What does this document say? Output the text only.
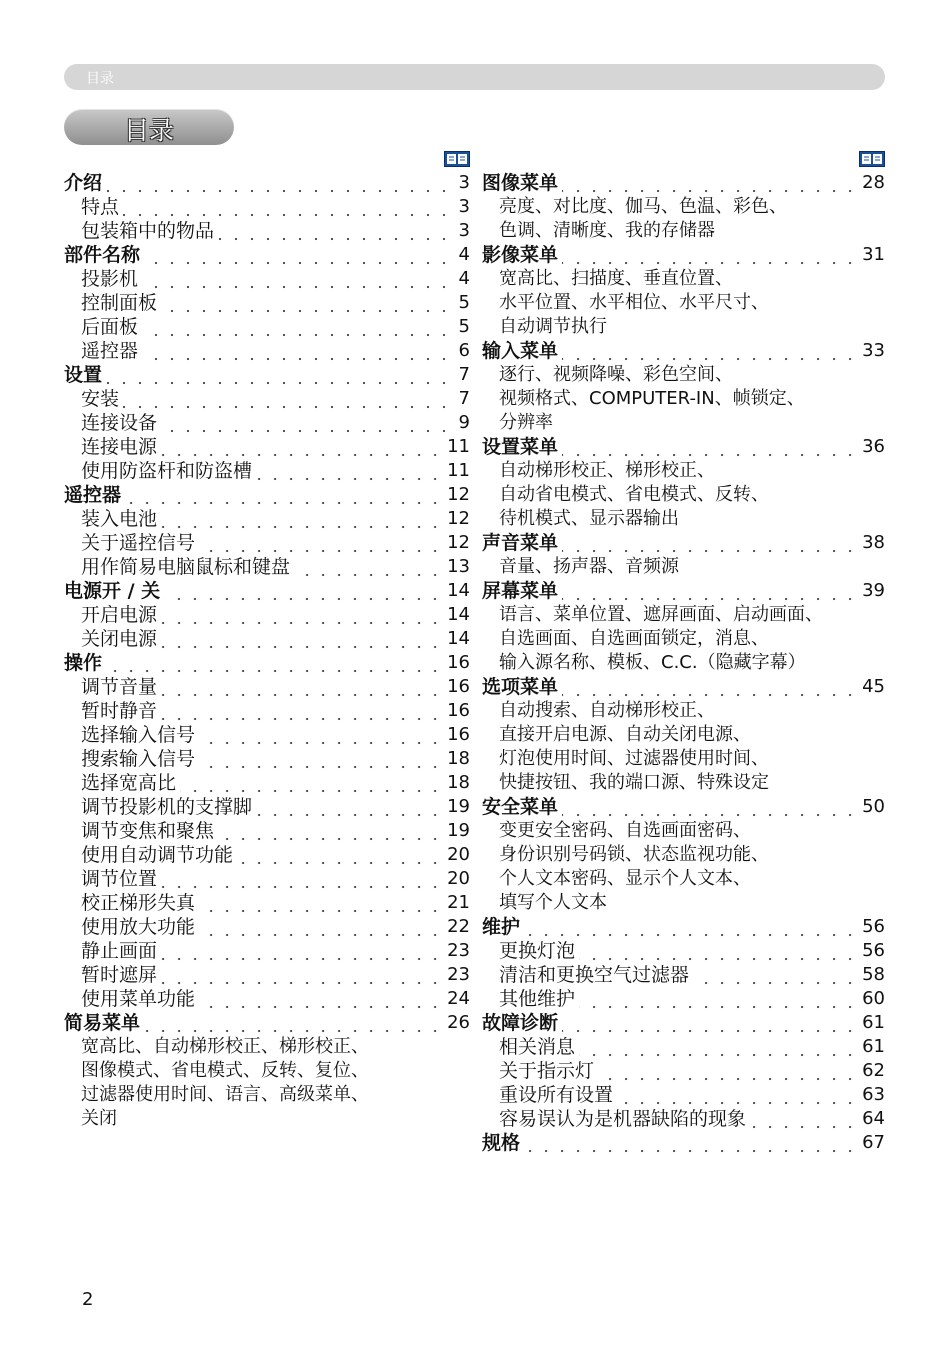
目录
目录
介绍	3
特点	3
包装箱中的物品	3
部件名称	4
投影机	4
控制面板	5
后面板	5
遥控器	6
设置	7
安装	7
连接设备	9
连接电源	11
使用防盗杆和防盗槽	11
遥控器	12
装入电池	12
关于遥控信号	12
用作简易电脑鼠标和键盘	13
电源开 / 关	14
开启电源	14
关闭电源	14
操作	16
调节音量	16
暂时静音	16
选择输入信号	16
搜索输入信号	18
选择宽高比	18
调节投影机的支撑脚	19
调节变焦和聚焦	19
使用自动调节功能	20
调节位置	20
校正梯形失真	21
使用放大功能	22
静止画面	23
暂时遮屏	23
使用菜单功能	24
简易菜单	26
宽高比、自动梯形校正、梯形校正、
图像模式、省电模式、反转、复位、
过滤器使用时间、语言、高级菜单、
关闭
图像菜单	28
亮度、对比度、伽马、色温、彩色、
色调、清晰度、我的存储器
影像菜单	31
宽高比、扫描度、垂直位置、
水平位置、水平相位、水平尺寸、
自动调节执行
输入菜单	33
逐行、视频降噪、彩色空间、
视频格式、COMPUTER-IN、帧锁定、
分辨率
设置菜单	36
自动梯形校正、梯形校正、
自动省电模式、省电模式、反转、
待机模式、显示器输出
声音菜单	38
音量、扬声器、音频源
屏幕菜单	39
语言、菜单位置、遮屏画面、启动画面、
自选画面、自选画面锁定，消息、
输入源名称、模板、C.C.（隐藏字幕）
选项菜单	45
自动搜索、自动梯形校正、
直接开启电源、自动关闭电源、
灯泡使用时间、过滤器使用时间、
快捷按钮、我的端口源、特殊设定
安全菜单	50
变更安全密码、自选画面密码、
身份识别号码锁、状态监视功能、
个人文本密码、显示个人文本、
填写个人文本
维护	56
更换灯泡	56
清洁和更换空气过滤器	58
其他维护	60
故障诊断	61
相关消息	61
关于指示灯	62
重设所有设置	63
容易误认为是机器缺陷的现象	64
规格	67
2
